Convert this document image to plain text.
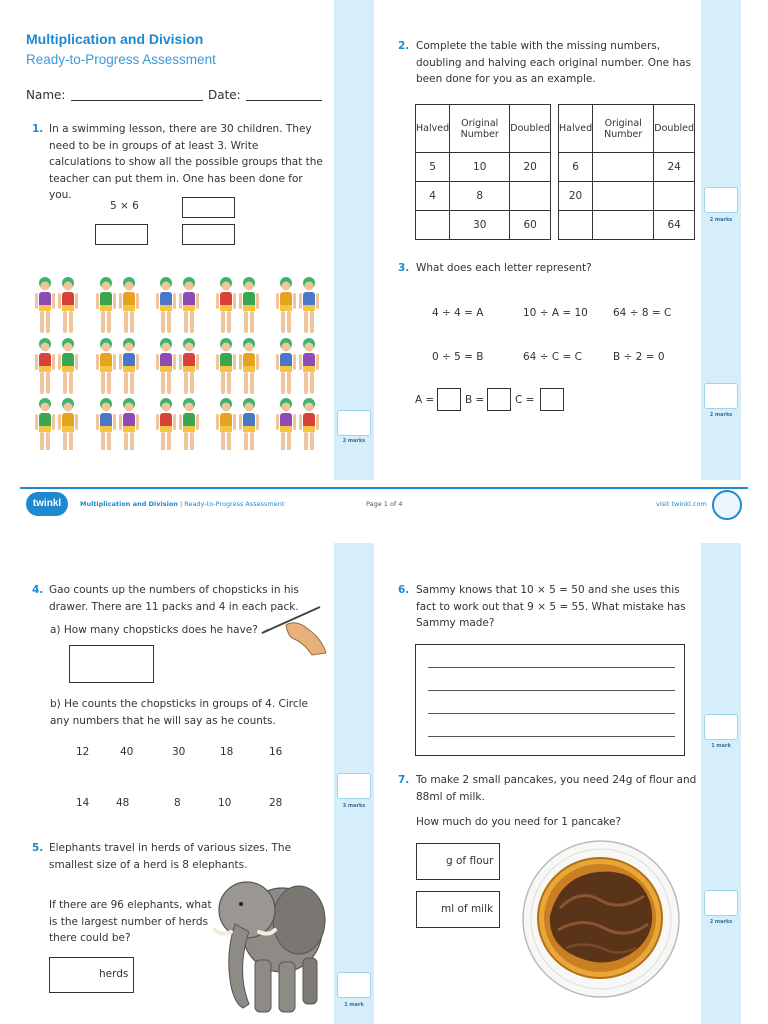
2 marks
2 marks
2 marks
3 marks
1 mark
1 mark
2 marks
Multiplication and Division
Ready-to-Progress Assessment
Name:	Date:
1. In a swimming lesson, there are 30 children. They need to be in groups of at least 3. Write calculations to show all the possible groups that the teacher can put them in. One has been done for you.
5 × 6
2. Complete the table with the missing numbers, doubling and halving each original number. One has been done for you as an example.
Halved	Original Number	Doubled
5	10	20
4	8	
	30	60
Halved	Original Number	Doubled
6		24
20		
		64
3. What does each letter represent?
4 ÷ 4 = A	10 ÷ A = 10 64 ÷ 8 = C
0 ÷ 5 = B	64 ÷ C = C	B ÷ 2 = 0
A =	B =	C =
twinkl	Multiplication and Division | Ready-to-Progress Assessment	Page 1 of 4	visit twinkl.com
4. Gao counts up the numbers of chopsticks in his drawer. There are 11 packs and 4 in each pack.
a) How many chopsticks does he have?
b) He counts the chopsticks in groups of 4. Circle any numbers that he will say as he counts.
12	40	30	18	16
14	48	8	10	28
5. Elephants travel in herds of various sizes. The smallest size of a herd is 8 elephants.
If there are 96 elephants, what is the largest number of herds there could be?
herds
6. Sammy knows that 10 × 5 = 50 and she uses this fact to work out that 9 × 5 = 55. What mistake has Sammy made?
7. To make 2 small pancakes, you need 24g of flour and 88ml of milk.
How much do you need for 1 pancake?
g of flour
ml of milk
